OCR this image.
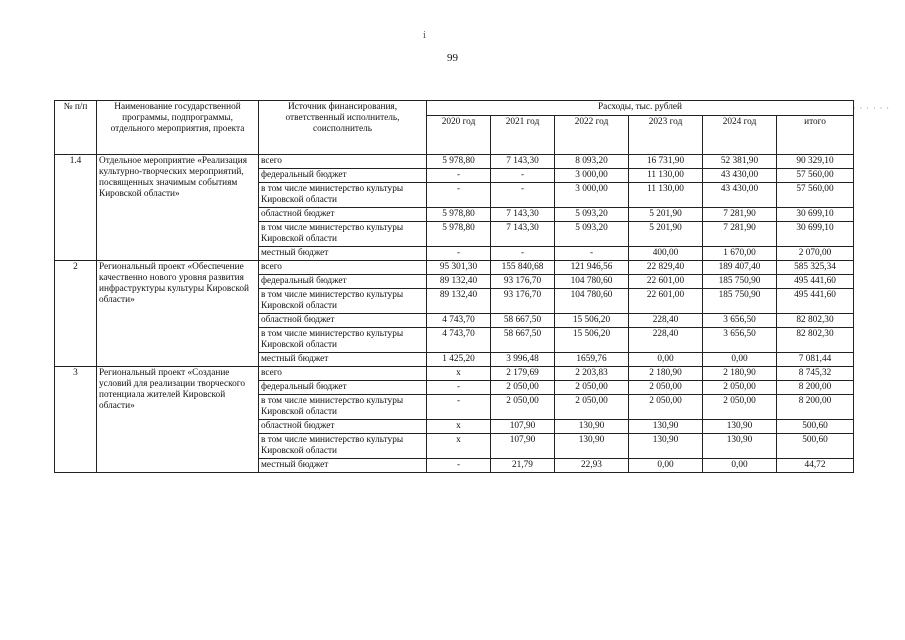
ⅰ
99
· · · · · ·
№ п/п	Наименование государственной программы, подпрограммы, отдельного мероприятия, проекта	Источник финансирования, ответственный исполнитель, соисполнитель	Расходы, тыс. рублей					
			2020 год	2021 год	2022 год	2023 год	2024 год	итого
1.4	Отдельное мероприятие «Реализация культурно-творческих мероприятий, посвященных значимым событиям Кировской области»	всего	5 978,80	7 143,30	8 093,20	16 731,90	52 381,90	90 329,10
		федеральный бюджет	-	-	3 000,00	11 130,00	43 430,00	57 560,00
		в том числе министерство культуры Кировской области	-	-	3 000,00	11 130,00	43 430,00	57 560,00
		областной бюджет	5 978,80	7 143,30	5 093,20	5 201,90	7 281,90	30 699,10
		в том числе министерство культуры Кировской области	5 978,80	7 143,30	5 093,20	5 201,90	7 281,90	30 699,10
		местный бюджет	-	-	-	400,00	1 670,00	2 070,00
2	Региональный проект «Обеспечение качественно нового уровня развития инфраструктуры культуры Кировской области»	всего	95 301,30	155 840,68	121 946,56	22 829,40	189 407,40	585 325,34
		федеральный бюджет	89 132,40	93 176,70	104 780,60	22 601,00	185 750,90	495 441,60
		в том числе министерство культуры Кировской области	89 132,40	93 176,70	104 780,60	22 601,00	185 750,90	495 441,60
		областной бюджет	4 743,70	58 667,50	15 506,20	228,40	3 656,50	82 802,30
		в том числе министерство культуры Кировской области	4 743,70	58 667,50	15 506,20	228,40	3 656,50	82 802,30
		местный бюджет	1 425,20	3 996,48	1659,76	0,00	0,00	7 081,44
3	Региональный проект «Создание условий для реализации творческого потенциала жителей Кировской области»	всего	x	2 179,69	2 203,83	2 180,90	2 180,90	8 745,32
		федеральный бюджет	-	2 050,00	2 050,00	2 050,00	2 050,00	8 200,00
		в том числе министерство культуры Кировской области	-	2 050,00	2 050,00	2 050,00	2 050,00	8 200,00
		областной бюджет	x	107,90	130,90	130,90	130,90	500,60
		в том числе министерство культуры Кировской области	x	107,90	130,90	130,90	130,90	500,60
		местный бюджет	-	21,79	22,93	0,00	0,00	44,72
